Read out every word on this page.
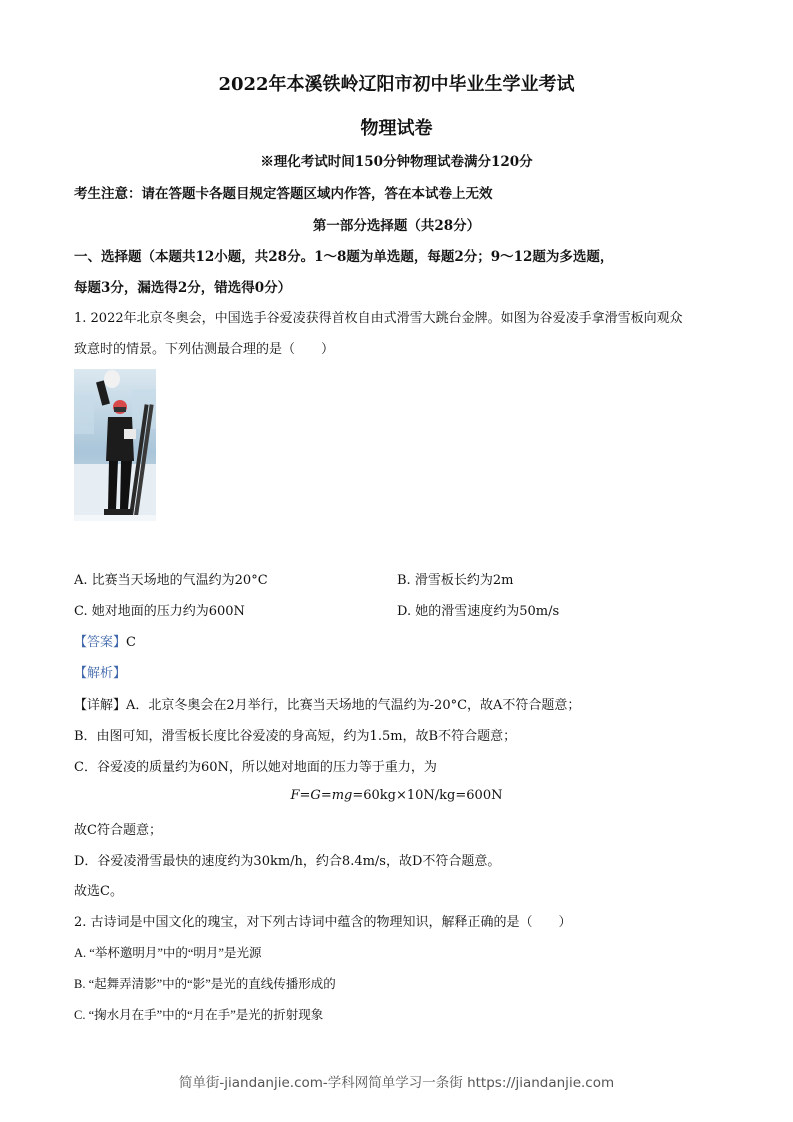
2022年本溪铁岭辽阳市初中毕业生学业考试
物理试卷
※理化考试时间150分钟物理试卷满分120分
考生注意：请在答题卡各题目规定答题区域内作答，答在本试卷上无效
第一部分选择题（共28分）
一、选择题（本题共12小题，共28分。1～8题为单选题，每题2分；9～12题为多选题，
每题3分，漏选得2分，错选得0分）
1. 2022年北京冬奥会，中国选手谷爱凌获得首枚自由式滑雪大跳台金牌。如图为谷爱凌手拿滑雪板向观众
致意时的情景。下列估测最合理的是（　　）
A. 比赛当天场地的气温约为20°C	B. 滑雪板长约为2m
C. 她对地面的压力约为600N	D. 她的滑雪速度约为50m/s
【答案】C
【解析】
【详解】A．北京冬奥会在2月举行，比赛当天场地的气温约为-20°C，故A不符合题意；
B．由图可知，滑雪板长度比谷爱凌的身高短，约为1.5m，故B不符合题意；
C．谷爱凌的质量约为60N，所以她对地面的压力等于重力，为
F=G=mg=60kg×10N/kg=600N
故C符合题意；
D．谷爱凌滑雪最快的速度约为30km/h，约合8.4m/s，故D不符合题意。
故选C。
2. 古诗词是中国文化的瑰宝，对下列古诗词中蕴含的物理知识，解释正确的是（　　）
A. “举杯邀明月”中的“明月”是光源
B. “起舞弄清影”中的“影”是光的直线传播形成的
C. “掬水月在手”中的“月在手”是光的折射现象
简单街-jiandanjie.com-学科网简单学习一条街 https://jiandanjie.com
